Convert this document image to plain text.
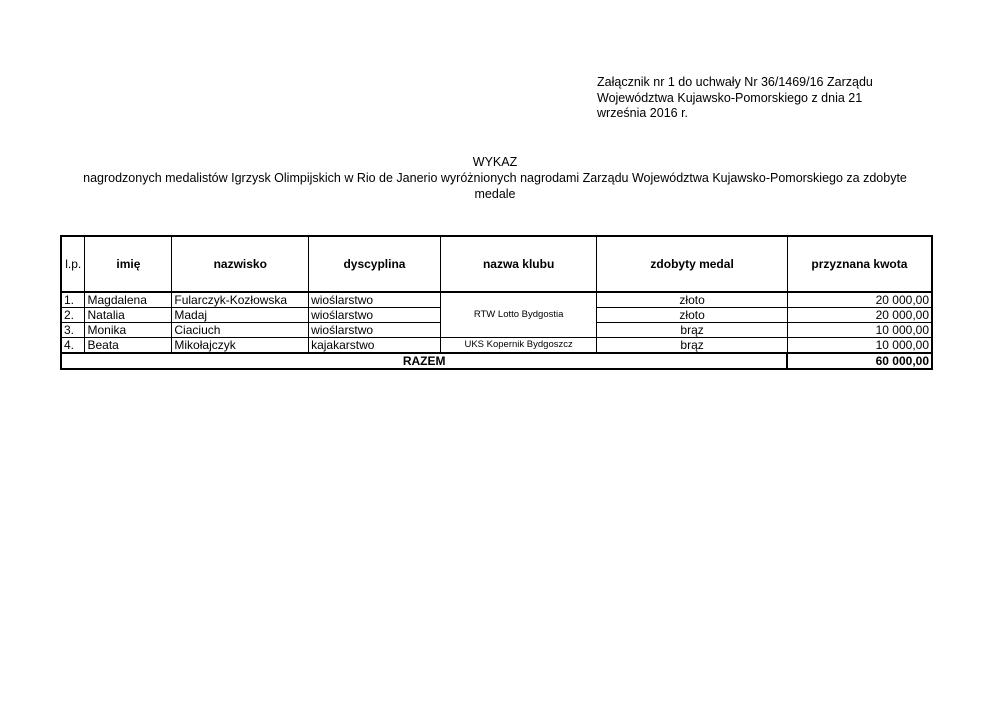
Załącznik nr 1 do uchwały Nr 36/1469/16 Zarządu
Województwa Kujawsko-Pomorskiego z dnia 21
września 2016 r.
WYKAZ
nagrodzonych medalistów Igrzysk Olimpijskich w Rio de Janerio wyróżnionych nagrodami Zarządu Województwa Kujawsko-Pomorskiego za zdobyte
medale
l.p.	imię	nazwisko	dyscyplina	nazwa klubu	zdobyty medal	przyznana kwota
1.	Magdalena	Fularczyk-Kozłowska	wioślarstwo	RTW Lotto Bydgostia	złoto	20 000,00
2.	Natalia	Madaj	wioślarstwo		złoto	20 000,00
3.	Monika	Ciaciuch	wioślarstwo		brąz	10 000,00
4.	Beata	Mikołajczyk	kajakarstwo	UKS Kopernik Bydgoszcz	brąz	10 000,00
RAZEM						60 000,00
